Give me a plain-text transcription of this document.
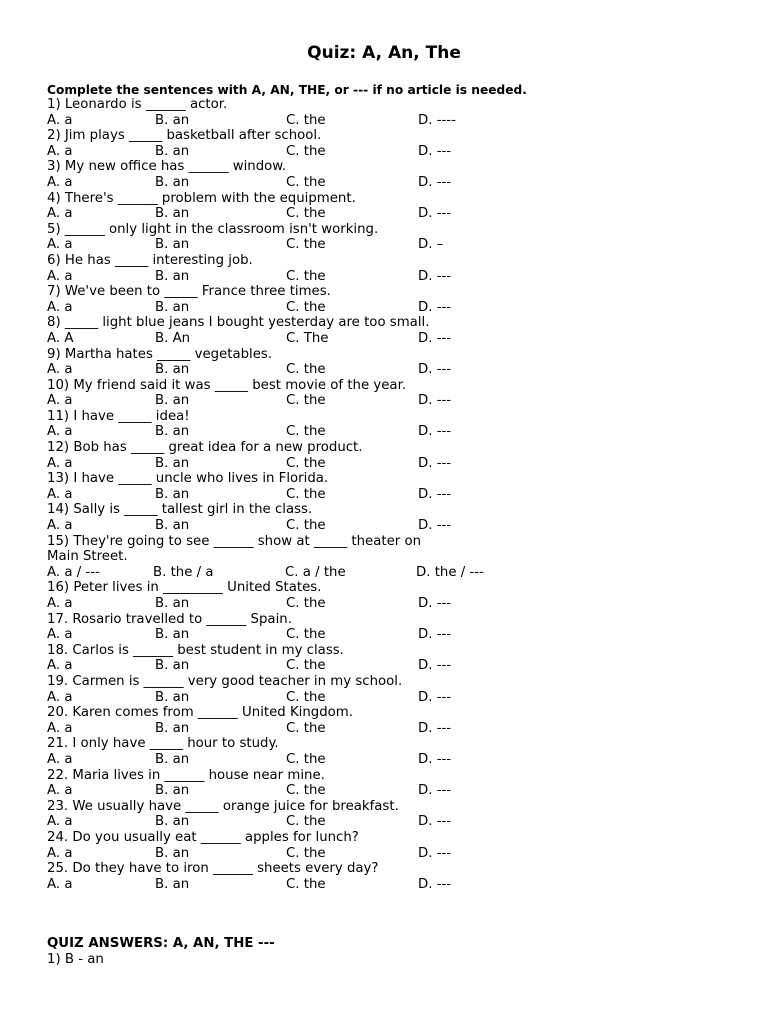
Quiz: A, An, The
Complete the sentences with A, AN, THE, or --- if no article is needed.
1) Leonardo is ______ actor.
A. a	B. an	C. the	D. ----
2) Jim plays _____ basketball after school.
A. a	B. an	C. the	D. ---
3) My new office has ______ window.
A. a	B. an	C. the	D. ---
4) There's ______ problem with the equipment.
A. a	B. an	C. the	D. ---
5) ______ only light in the classroom isn't working.
A. a	B. an	C. the	D. –
6) He has _____ interesting job.
A. a	B. an	C. the	D. ---
7) We've been to _____ France three times.
A. a	B. an	C. the	D. ---
8) _____ light blue jeans I bought yesterday are too small.
A. A	B. An	C. The	D. ---
9) Martha hates _____ vegetables.
A. a	B. an	C. the	D. ---
10) My friend said it was _____ best movie of the year.
A. a	B. an	C. the	D. ---
11) I have _____ idea!
A. a	B. an	C. the	D. ---
12) Bob has _____ great idea for a new product.
A. a	B. an	C. the	D. ---
13) I have _____ uncle who lives in Florida.
A. a	B. an	C. the	D. ---
14) Sally is _____ tallest girl in the class.
A. a	B. an	C. the	D. ---
15) They're going to see ______ show at _____ theater on
Main Street.
A. a / ---	B. the / a	C. a / the	D. the / ---
16) Peter lives in _________ United States.
A. a	B. an	C. the	D. ---
17. Rosario travelled to ______ Spain.
A. a	B. an	C. the	D. ---
18. Carlos is ______ best student in my class.
A. a	B. an	C. the	D. ---
19. Carmen is ______ very good teacher in my school.
A. a	B. an	C. the	D. ---
20. Karen comes from ______ United Kingdom.
A. a	B. an	C. the	D. ---
21. I only have _____ hour to study.
A. a	B. an	C. the	D. ---
22. Maria lives in ______ house near mine.
A. a	B. an	C. the	D. ---
23. We usually have _____ orange juice for breakfast.
A. a	B. an	C. the	D. ---
24. Do you usually eat ______ apples for lunch?
A. a	B. an	C. the	D. ---
25. Do they have to iron ______ sheets every day?
A. a	B. an	C. the	D. ---
QUIZ ANSWERS: A, AN, THE ---
1) B - an
